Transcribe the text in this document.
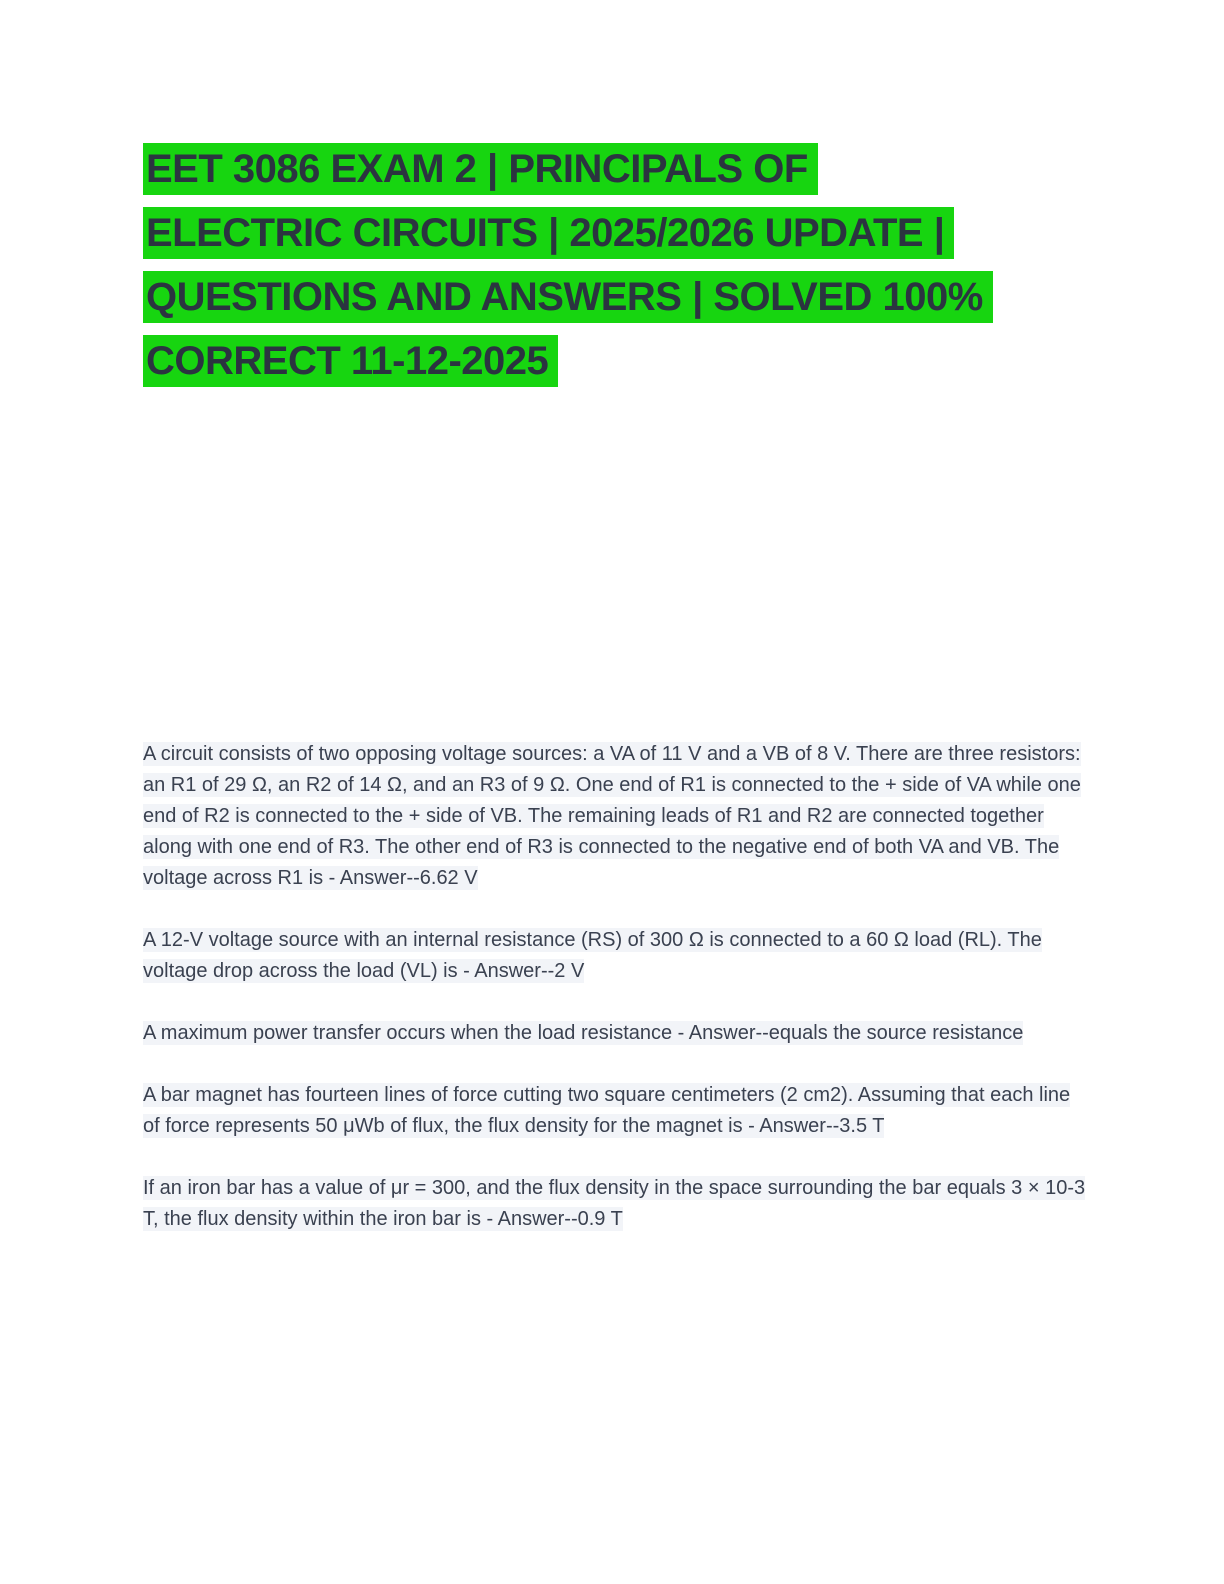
EET 3086 EXAM 2 | PRINCIPALS OF
ELECTRIC CIRCUITS | 2025/2026 UPDATE |
QUESTIONS AND ANSWERS | SOLVED 100%
CORRECT 11-12-2025

A circuit consists of two opposing voltage sources: a VA of 11 V and a VB of 8 V. There are three resistors: an R1 of 29 Ω, an R2 of 14 Ω, and an R3 of 9 Ω. One end of R1 is connected to the + side of VA while one end of R2 is connected to the + side of VB. The remaining leads of R1 and R2 are connected together along with one end of R3. The other end of R3 is connected to the negative end of both VA and VB. The voltage across R1 is - Answer--6.62 V

A 12-V voltage source with an internal resistance (RS) of 300 Ω is connected to a 60 Ω load (RL). The voltage drop across the load (VL) is - Answer--2 V

A maximum power transfer occurs when the load resistance - Answer--equals the source resistance

A bar magnet has fourteen lines of force cutting two square centimeters (2 cm2). Assuming that each line of force represents 50 μWb of flux, the flux density for the magnet is - Answer--3.5 T

If an iron bar has a value of μr = 300, and the flux density in the space surrounding the bar equals 3 × 10-3 T, the flux density within the iron bar is - Answer--0.9 T
